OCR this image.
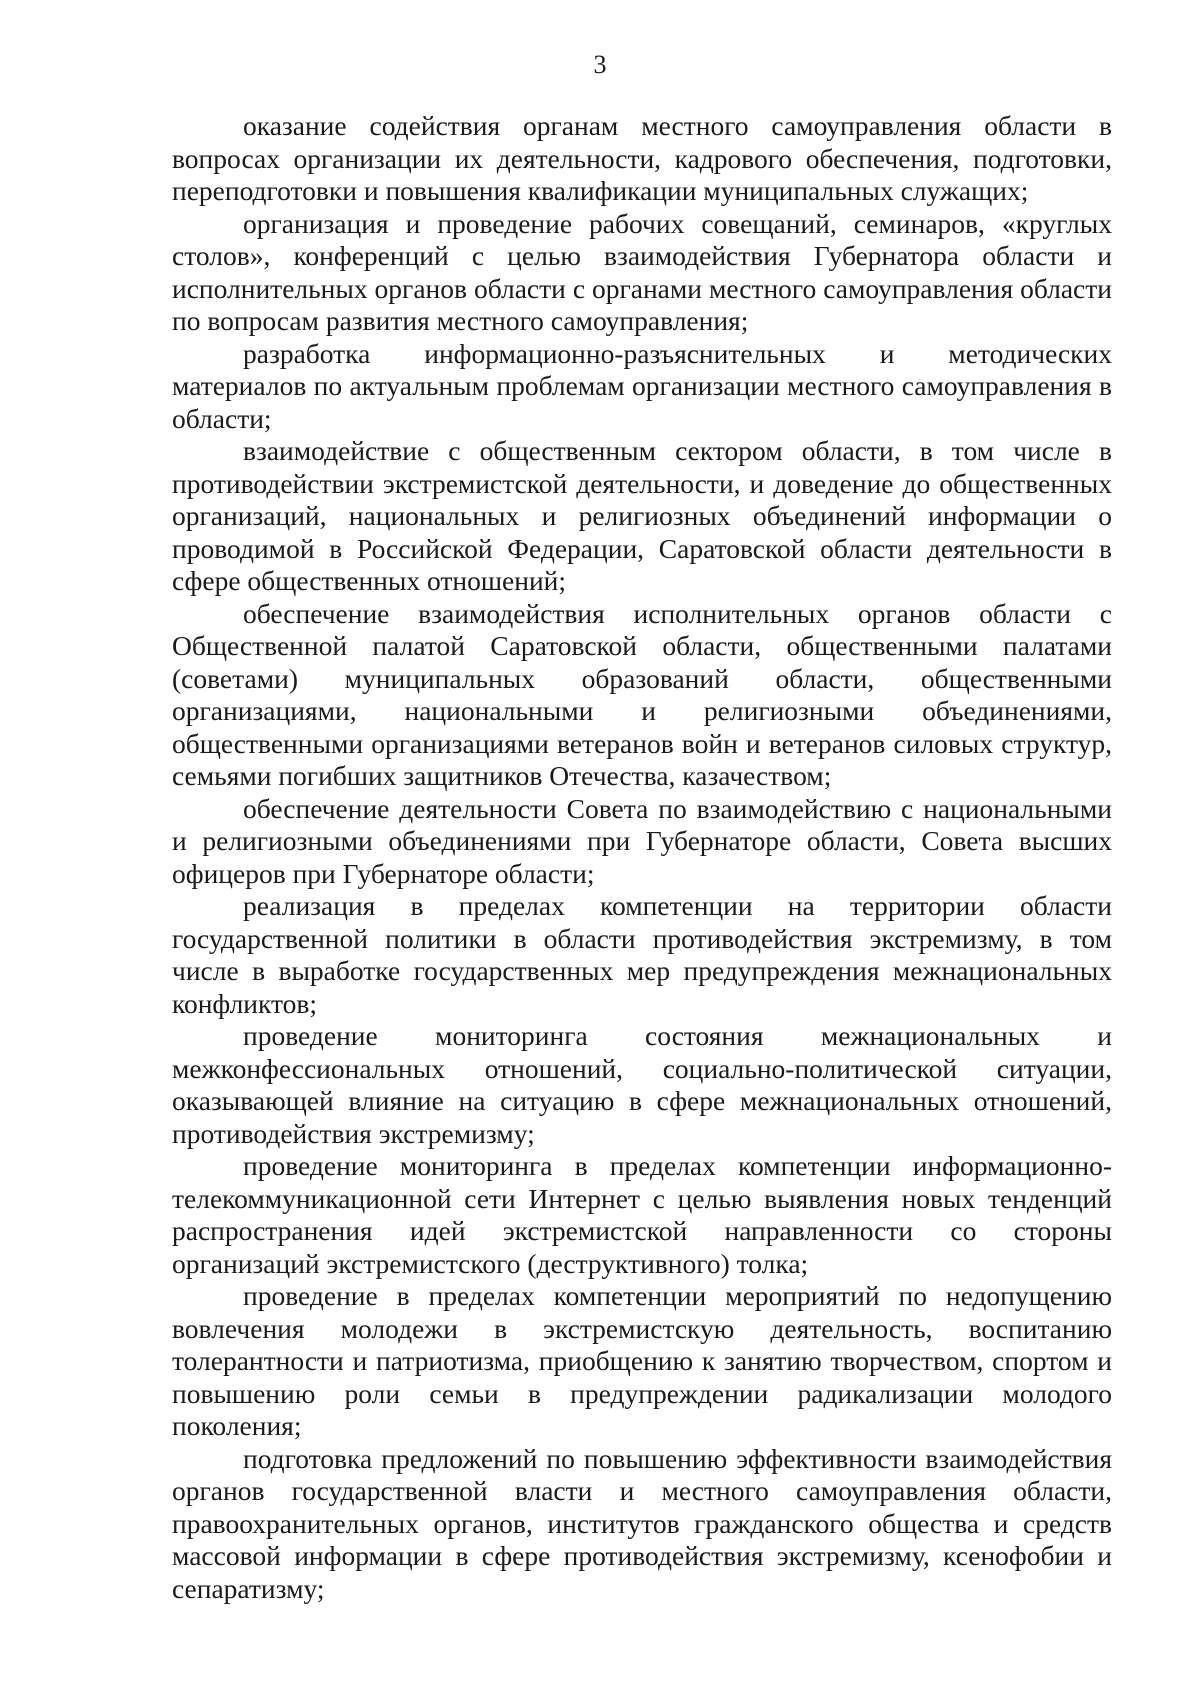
3

оказание содействия органам местного самоуправления области в вопросах организации их деятельности, кадрового обеспечения, подготовки, переподготовки и повышения квалификации муниципальных служащих;

организация и проведение рабочих совещаний, семинаров, «круглых столов», конференций с целью взаимодействия Губернатора области и исполнительных органов области с органами местного самоуправления области по вопросам развития местного самоуправления;

разработка информационно-разъяснительных и методических материалов по актуальным проблемам организации местного самоуправления в области;

взаимодействие с общественным сектором области, в том числе в противодействии экстремистской деятельности, и доведение до общественных организаций, национальных и религиозных объединений информации о проводимой в Российской Федерации, Саратовской области деятельности в сфере общественных отношений;

обеспечение взаимодействия исполнительных органов области с Общественной палатой Саратовской области, общественными палатами (советами) муниципальных образований области, общественными организациями, национальными и религиозными объединениями, общественными организациями ветеранов войн и ветеранов силовых структур, семьями погибших защитников Отечества, казачеством;

обеспечение деятельности Совета по взаимодействию с национальными и религиозными объединениями при Губернаторе области, Совета высших офицеров при Губернаторе области;

реализация в пределах компетенции на территории области государственной политики в области противодействия экстремизму, в том числе в выработке государственных мер предупреждения межнациональных конфликтов;

проведение мониторинга состояния межнациональных и межконфессиональных отношений, социально-политической ситуации, оказывающей влияние на ситуацию в сфере межнациональных отношений, противодействия экстремизму;

проведение мониторинга в пределах компетенции информационно-телекоммуникационной сети Интернет с целью выявления новых тенденций распространения идей экстремистской направленности со стороны организаций экстремистского (деструктивного) толка;

проведение в пределах компетенции мероприятий по недопущению вовлечения молодежи в экстремистскую деятельность, воспитанию толерантности и патриотизма, приобщению к занятию творчеством, спортом и повышению роли семьи в предупреждении радикализации молодого поколения;

подготовка предложений по повышению эффективности взаимодействия органов государственной власти и местного самоуправления области, правоохранительных органов, институтов гражданского общества и средств массовой информации в сфере противодействия экстремизму, ксенофобии и сепаратизму;
